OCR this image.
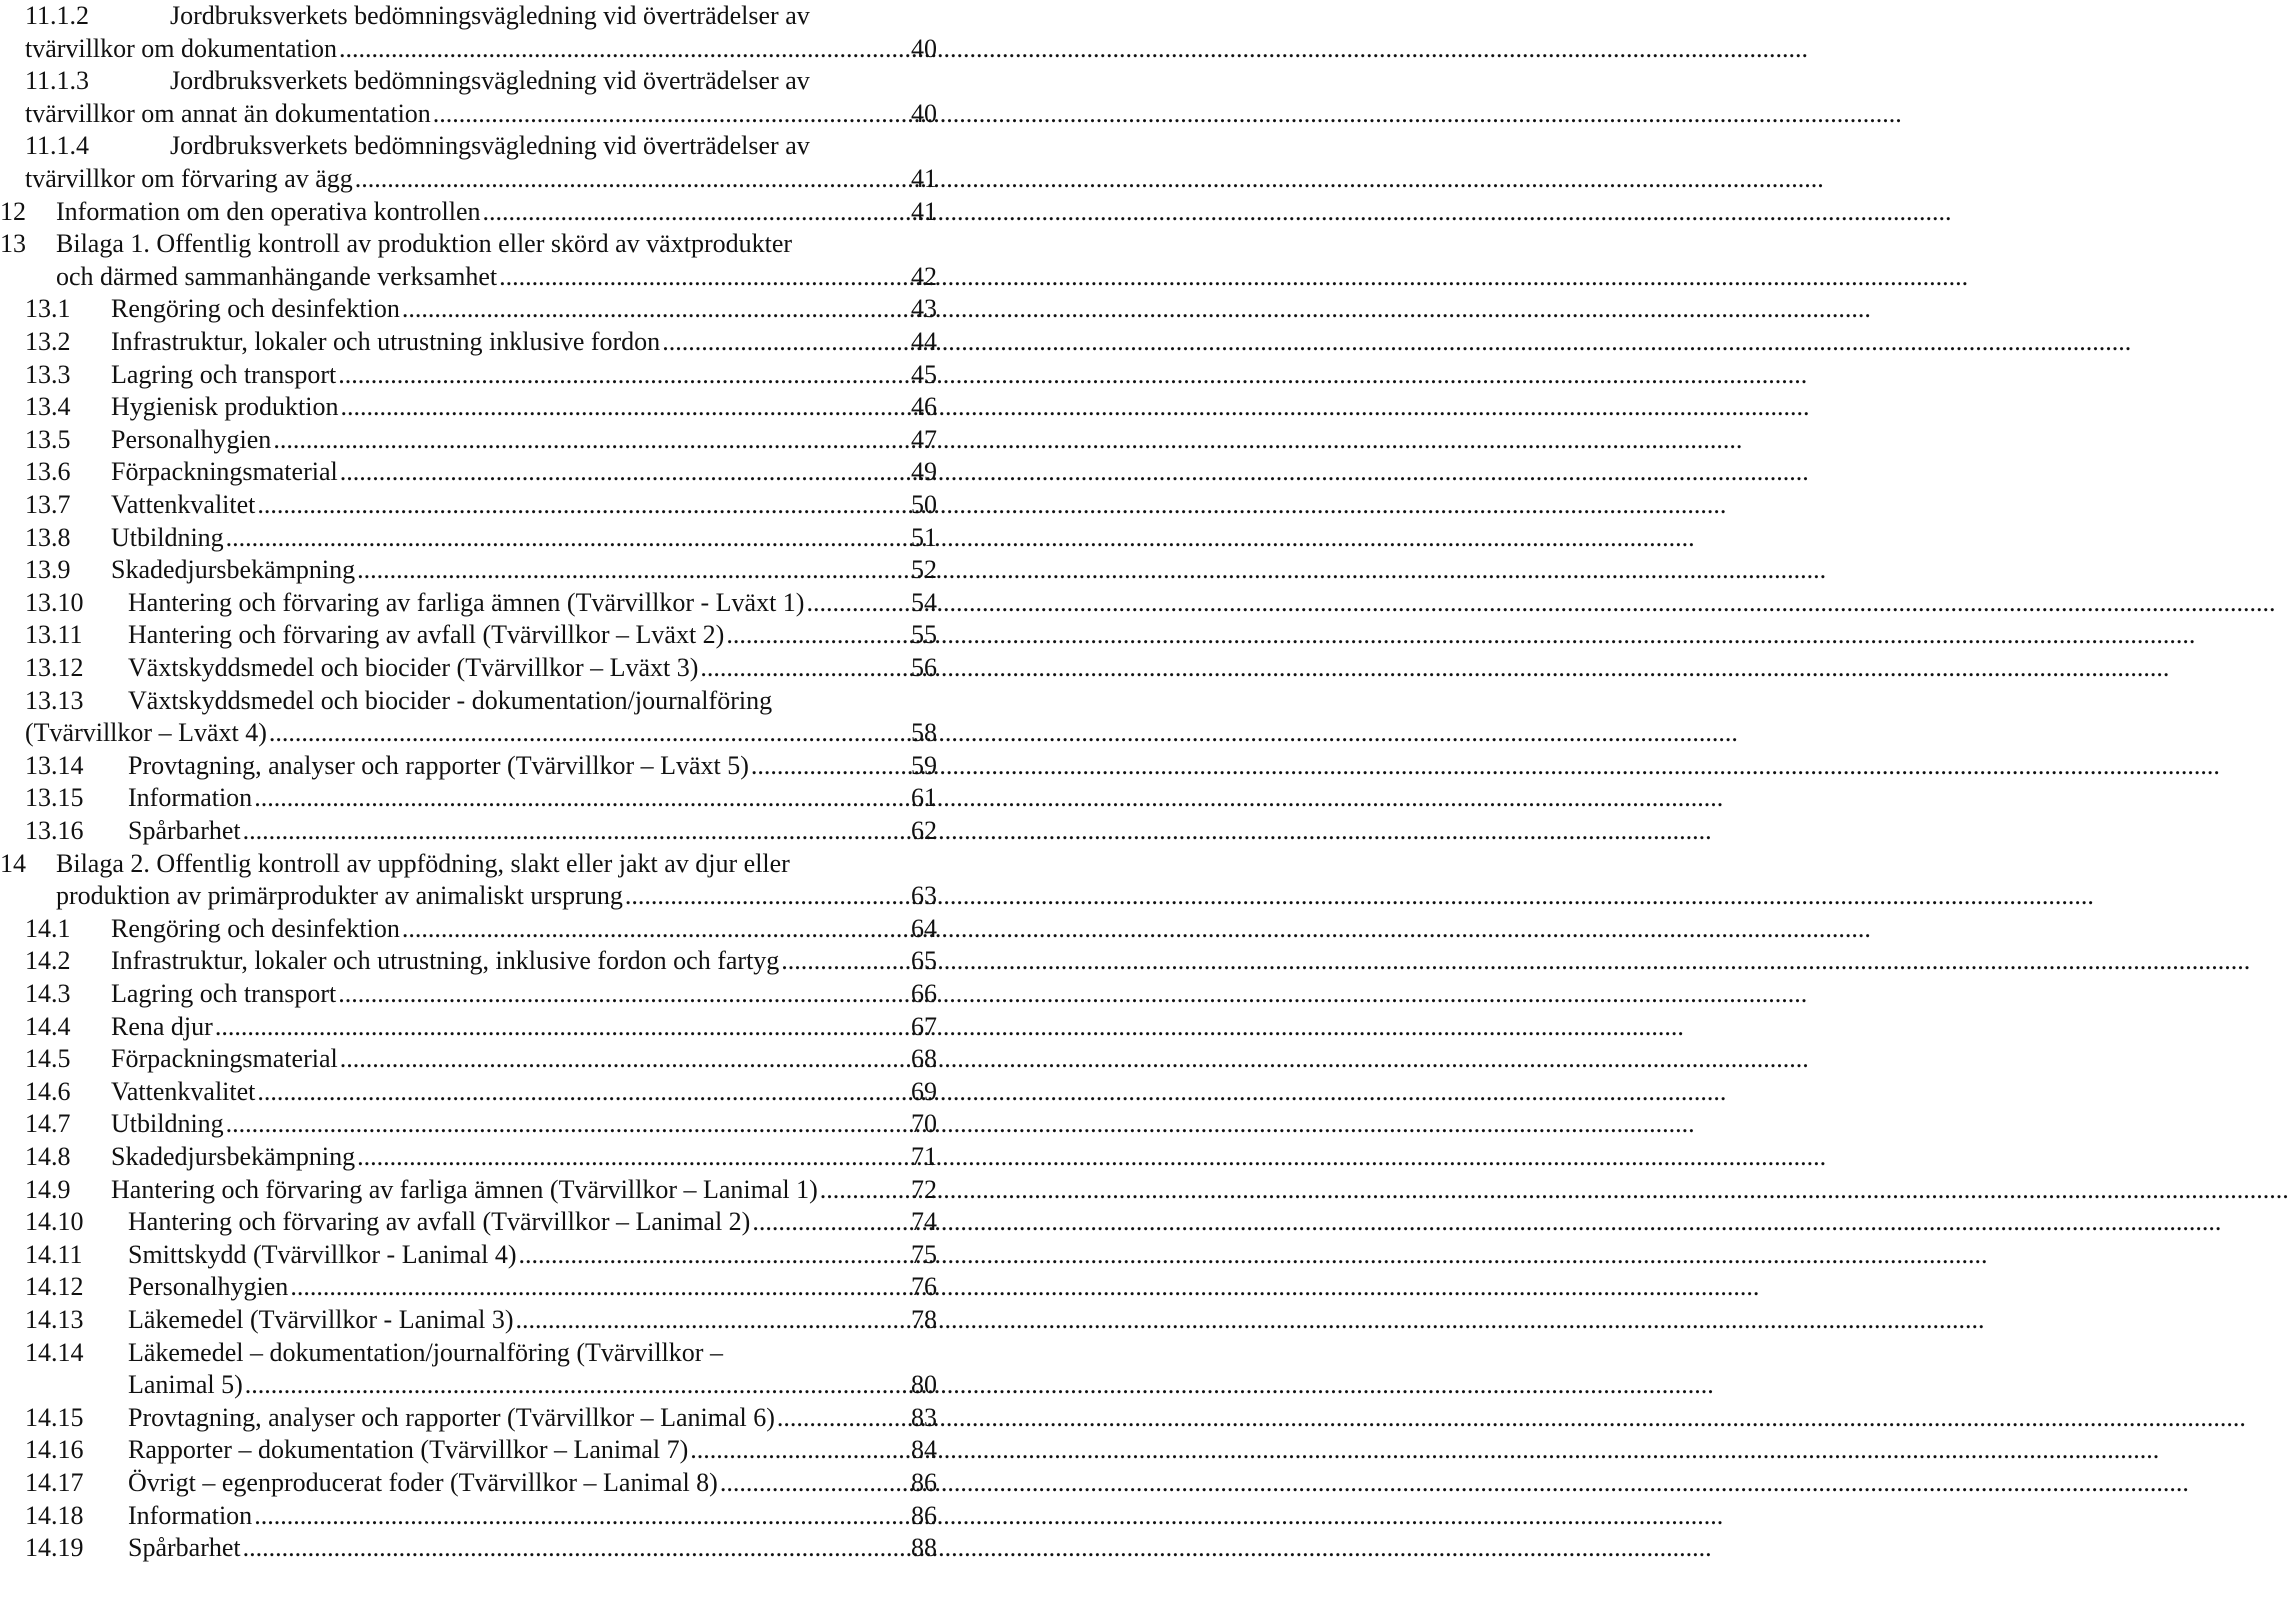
11.1.2	Jordbruksverkets bedömningsvägledning vid överträdelser av
tvärvillkor om dokumentation .....	40
11.1.3	Jordbruksverkets bedömningsvägledning vid överträdelser av
tvärvillkor om annat än dokumentation .....	40
11.1.4	Jordbruksverkets bedömningsvägledning vid överträdelser av
tvärvillkor om förvaring av ägg .....	41
12 Information om den operativa kontrollen .....	41
13 Bilaga 1. Offentlig kontroll av produktion eller skörd av växtprodukter
och därmed sammanhängande verksamhet .....	42
13.1 Rengöring och desinfektion .....	43
13.2 Infrastruktur, lokaler och utrustning inklusive fordon .....	44
13.3 Lagring och transport .....	45
13.4 Hygienisk produktion .....	46
13.5 Personalhygien .....	47
13.6 Förpackningsmaterial .....	49
13.7 Vattenkvalitet .....	50
13.8 Utbildning .....	51
13.9 Skadedjursbekämpning .....	52
13.10 Hantering och förvaring av farliga ämnen (Tvärvillkor - Lväxt 1) .....	54
13.11 Hantering och förvaring av avfall (Tvärvillkor – Lväxt 2) .....	55
13.12 Växtskyddsmedel och biocider (Tvärvillkor – Lväxt 3) .....	56
13.13 Växtskyddsmedel och biocider - dokumentation/journalföring
(Tvärvillkor – Lväxt 4) .....	58
13.14 Provtagning, analyser och rapporter (Tvärvillkor – Lväxt 5) .....	59
13.15 Information .....	61
13.16 Spårbarhet .....	62
14 Bilaga 2. Offentlig kontroll av uppfödning, slakt eller jakt av djur eller
produktion av primärprodukter av animaliskt ursprung .....	63
14.1 Rengöring och desinfektion .....	64
14.2 Infrastruktur, lokaler och utrustning, inklusive fordon och fartyg .....	65
14.3 Lagring och transport .....	66
14.4 Rena djur .....	67
14.5 Förpackningsmaterial .....	68
14.6 Vattenkvalitet .....	69
14.7 Utbildning .....	70
14.8 Skadedjursbekämpning .....	71
14.9 Hantering och förvaring av farliga ämnen (Tvärvillkor – Lanimal 1) .....	72
14.10 Hantering och förvaring av avfall (Tvärvillkor – Lanimal 2) .....	74
14.11 Smittskydd (Tvärvillkor - Lanimal 4) .....	75
14.12 Personalhygien .....	76
14.13 Läkemedel (Tvärvillkor - Lanimal 3) .....	78
14.14 Läkemedel – dokumentation/journalföring (Tvärvillkor –
Lanimal 5) .....	80
14.15 Provtagning, analyser och rapporter (Tvärvillkor – Lanimal 6) .....	83
14.16 Rapporter – dokumentation (Tvärvillkor – Lanimal 7) .....	84
14.17 Övrigt – egenproducerat foder (Tvärvillkor – Lanimal 8) .....	86
14.18 Information .....	86
14.19 Spårbarhet .....	88
